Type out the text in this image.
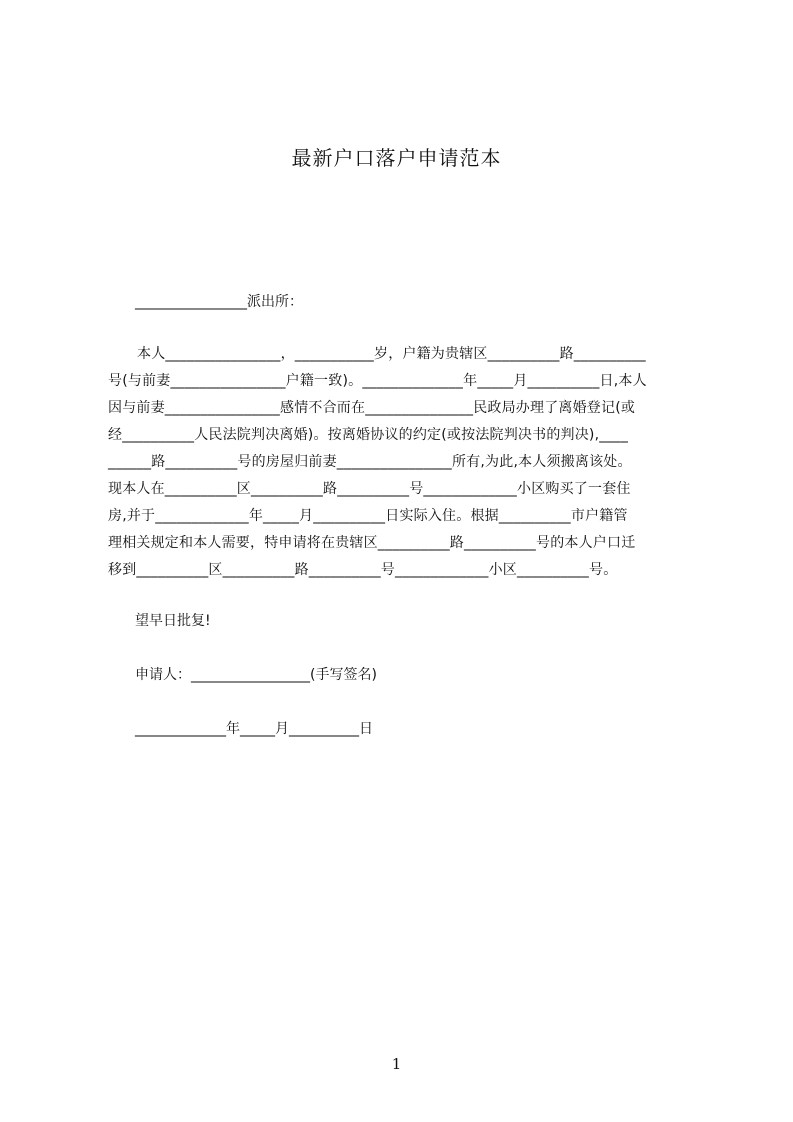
最新户口落户申请范本
________________派出所：
本人________________，___________岁，户籍为贵辖区__________路__________
号(与前妻________________户籍一致)。______________年_____月__________日,本人
因与前妻________________感情不合而在_______________民政局办理了离婚登记(或
经__________人民法院判决离婚)。按离婚协议的约定(或按法院判决书的判决),____
______路__________号的房屋归前妻________________所有,为此,本人须搬离该处。
现本人在__________区__________路__________号_____________小区购买了一套住
房,并于_____________年_____月__________日实际入住。根据__________市户籍管
理相关规定和本人需要，特申请将在贵辖区__________路__________号的本人户口迁
移到__________区__________路__________号_____________小区__________号。
望早日批复!
申请人：_________________(手写签名)
_____________年_____月__________日
1
